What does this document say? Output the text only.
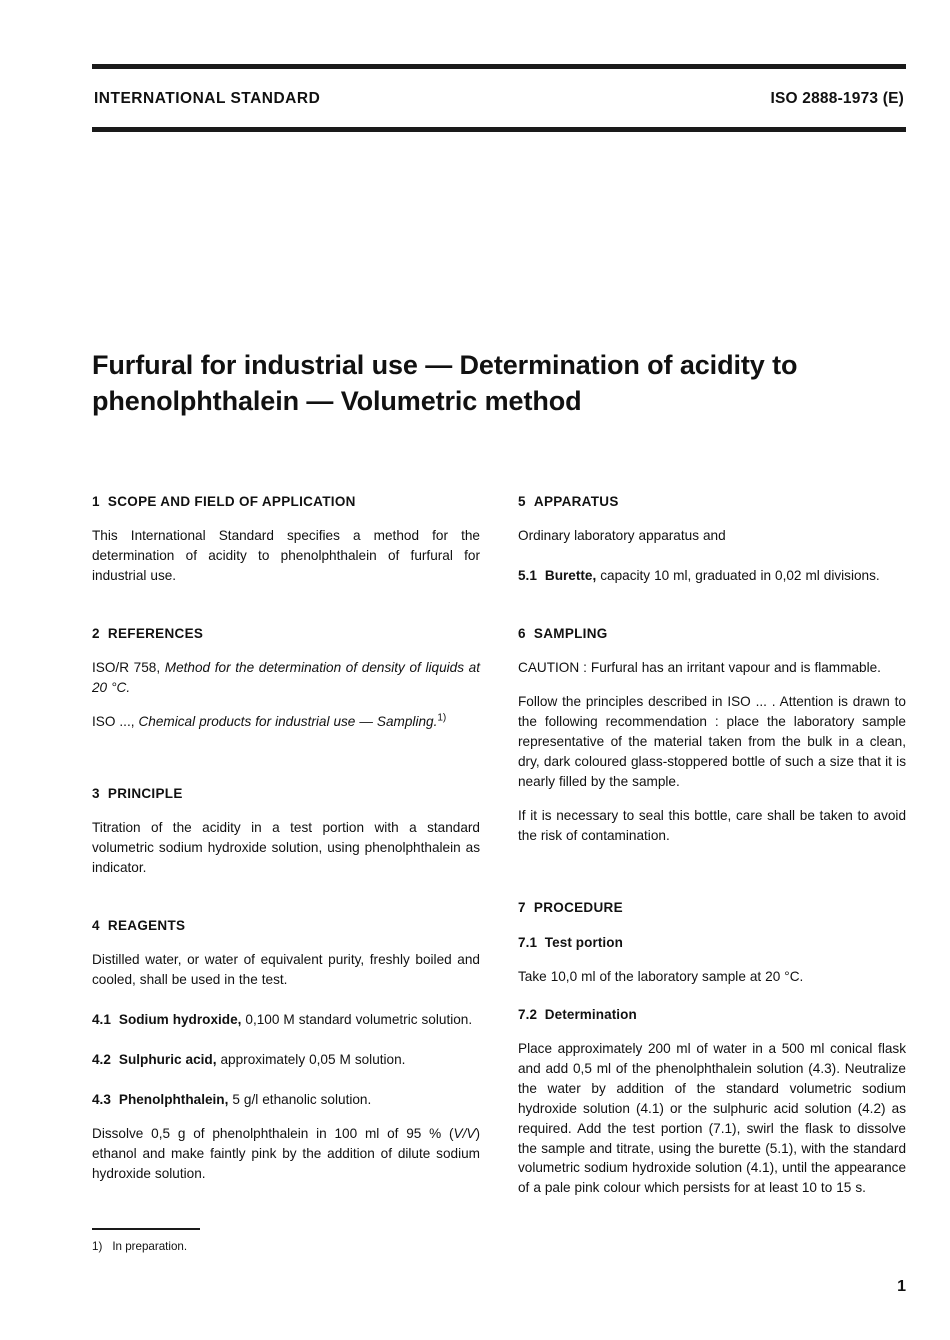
INTERNATIONAL STANDARD	ISO 2888-1973 (E)
Furfural for industrial use — Determination of acidity to
phenolphthalein — Volumetric method
1 SCOPE AND FIELD OF APPLICATION

This International Standard specifies a method for the determination of acidity to phenolphthalein of furfural for industrial use.

2 REFERENCES

ISO/R 758, Method for the determination of density of liquids at 20 °C.

ISO ..., Chemical products for industrial use — Sampling.$^{1)}$

3 PRINCIPLE

Titration of the acidity in a test portion with a standard volumetric sodium hydroxide solution, using phenolphthalein as indicator.

4 REAGENTS

Distilled water, or water of equivalent purity, freshly boiled and cooled, shall be used in the test.

4.1 Sodium hydroxide, 0,100 M standard volumetric solution.

4.2 Sulphuric acid, approximately 0,05 M solution.

4.3 Phenolphthalein, 5 g/l ethanolic solution.

Dissolve 0,5 g of phenolphthalein in 100 ml of 95 % (V/V) ethanol and make faintly pink by the addition of dilute sodium hydroxide solution.

5 APPARATUS

Ordinary laboratory apparatus and

5.1 Burette, capacity 10 ml, graduated in 0,02 ml divisions.

6 SAMPLING

CAUTION : Furfural has an irritant vapour and is flammable.

Follow the principles described in ISO ... . Attention is drawn to the following recommendation : place the laboratory sample representative of the material taken from the bulk in a clean, dry, dark coloured glass-stoppered bottle of such a size that it is nearly filled by the sample.

If it is necessary to seal this bottle, care shall be taken to avoid the risk of contamination.

7 PROCEDURE
7.1 Test portion

Take 10,0 ml of the laboratory sample at 20 °C.

7.2 Determination

Place approximately 200 ml of water in a 500 ml conical flask and add 0,5 ml of the phenolphthalein solution (4.3). Neutralize the water by addition of the standard volumetric sodium hydroxide solution (4.1) or the sulphuric acid solution (4.2) as required. Add the test portion (7.1), swirl the flask to dissolve the sample and titrate, using the burette (5.1), with the standard volumetric sodium hydroxide solution (4.1), until the appearance of a pale pink colour which persists for at least 10 to 15 s.

1) In preparation.
1
